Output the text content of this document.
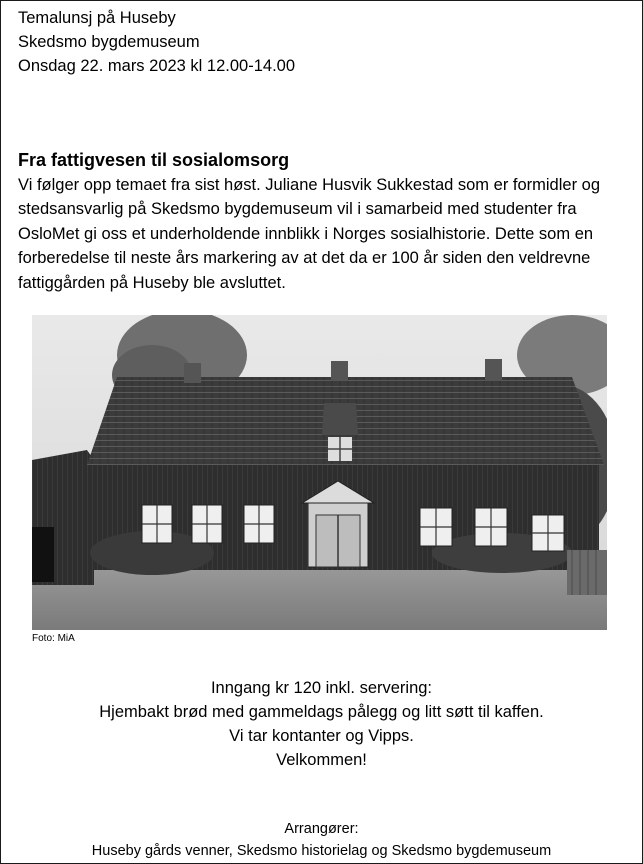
Temalunsj på Huseby
Skedsmo bygdemuseum
Onsdag 22. mars 2023 kl 12.00-14.00
Fra fattigvesen til sosialomsorg
Vi følger opp temaet fra sist høst. Juliane Husvik Sukkestad som er formidler og stedsansvarlig på Skedsmo bygdemuseum vil i samarbeid med studenter fra OsloMet gi oss et underholdende innblikk i Norges sosialhistorie. Dette som en forberedelse til neste års markering av at det da er 100 år siden den veldrevne fattiggården på Huseby ble avsluttet.
Foto: MiA
Inngang kr 120 inkl. servering:
Hjembakt brød med gammeldags pålegg og litt søtt til kaffen.
Vi tar kontanter og Vipps.
Velkommen!
Arrangører:
Huseby gårds venner, Skedsmo historielag og Skedsmo bygdemuseum
